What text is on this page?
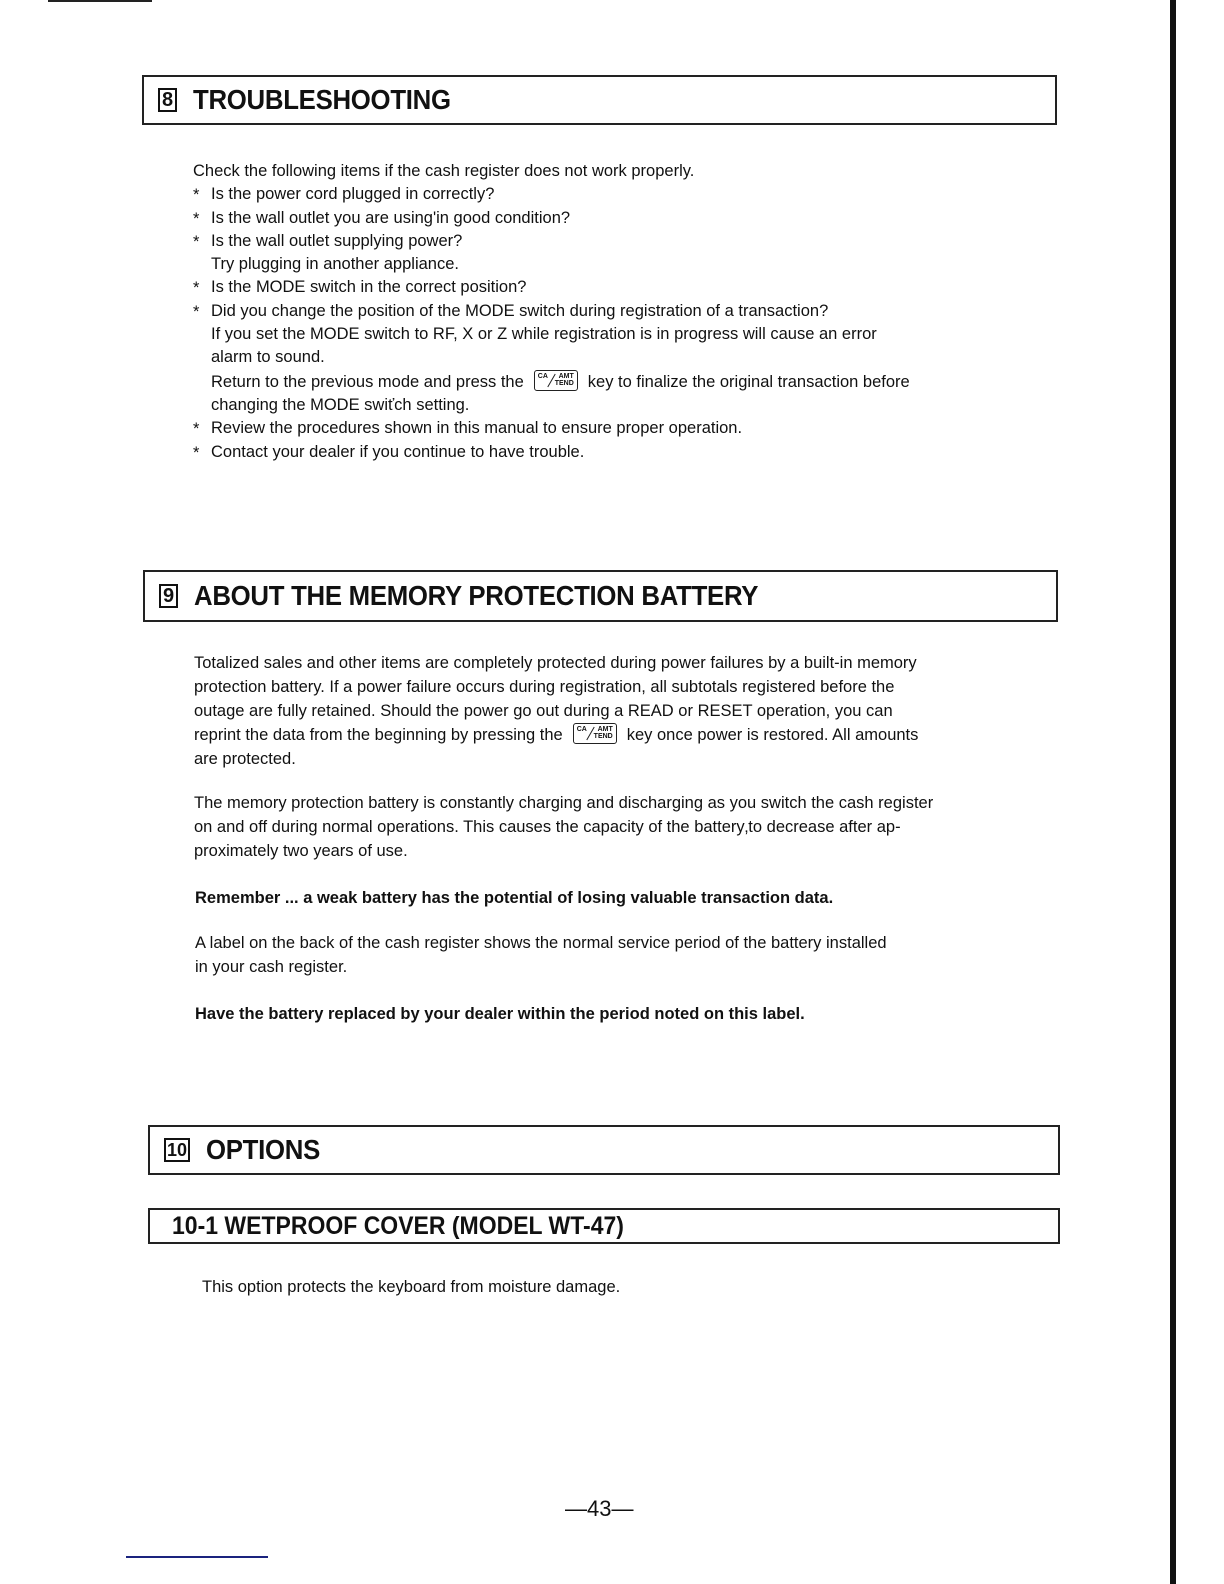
8 TROUBLESHOOTING
Check the following items if the cash register does not work properly.
* Is the power cord plugged in correctly?
* Is the wall outlet you are using'in good condition?
* Is the wall outlet supplying power?
Try plugging in another appliance.
* Is the MODE switch in the correct position?
* Did you change the position of the MODE switch during registration of a transaction?
If you set the MODE switch to RF, X or Z while registration is in progress will cause an error
alarm to sound.
Return to the previous mode and press the CA AMT
TEND key to finalize the original transaction before
changing the MODE swiťch setting.
* Review the procedures shown in this manual to ensure proper operation.
* Contact your dealer if you continue to have trouble.
9 ABOUT THE MEMORY PROTECTION BATTERY
Totalized sales and other items are completely protected during power failures by a built-in memory
protection battery. If a power failure occurs during registration, all subtotals registered before the
outage are fully retained. Should the power go out during a READ or RESET operation, you can
reprint the data from the beginning by pressing the CA AMT
TEND key once power is restored. All amounts
are protected.
The memory protection battery is constantly charging and discharging as you switch the cash register
on and off during normal operations. This causes the capacity of the battery‚to decrease after ap-
proximately two years of use.
Remember ... a weak battery has the potential of losing valuable transaction data.
A label on the back of the cash register shows the normal service period of the battery installed
in your cash register.
Have the battery replaced by your dealer within the period noted on this label.
10 OPTIONS
10-1 WETPROOF COVER (MODEL WT-47)
This option protects the keyboard from moisture damage.
—43—
